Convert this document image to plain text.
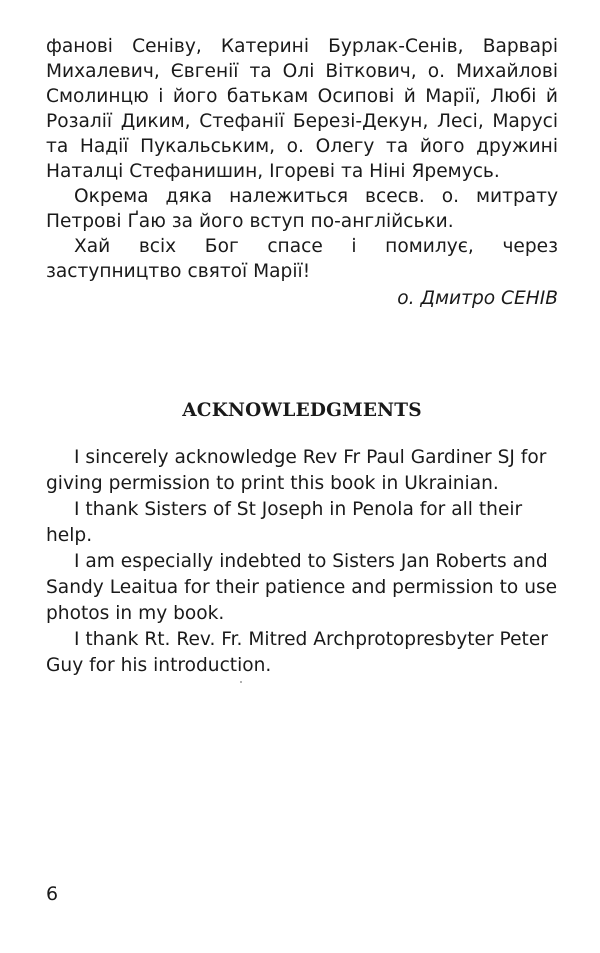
фанові Сеніву, Катерині Бурлак-Сенів, Варварі Михалевич, Євгенії та Олі Віткович, о. Михайлові Смолинцю і його батькам Осипові й Марії, Любі й Розалії Диким, Стефанії Березі-Декун, Лесі, Марусі та Надії Пукальським, о. Олегу та його дружині Наталці Стефанишин, Ігореві та Ніні Яремусь.

Окрема дяка належиться всесв. о. митрату Петрові Ґаю за його вступ по-англійськи.

Хай всіх Бог спасе і помилує, через заступництво святої Марії!

о. Дмитро СЕНІВ

ACKNOWLEDGMENTS

I sincerely acknowledge Rev Fr Paul Gardiner SJ for giving permission to print this book in Ukrainian.

I thank Sisters of St Joseph in Penola for all their help.

I am especially indebted to Sisters Jan Roberts and Sandy Leaitua for their patience and permission to use photos in my book.

I thank Rt. Rev. Fr. Mitred Archprotopresbyter Peter Guy for his introduction.

6
